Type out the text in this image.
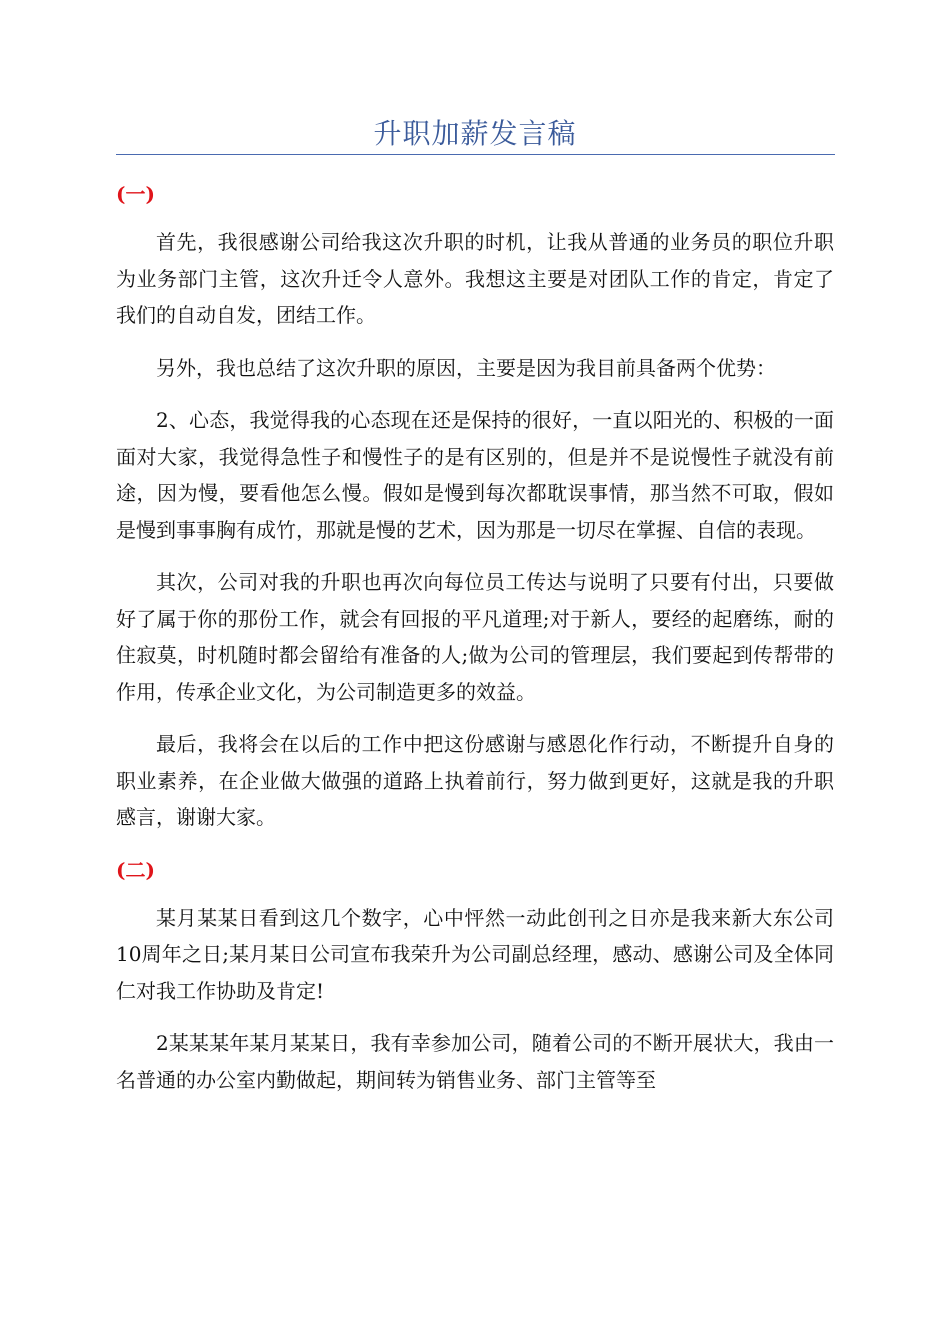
升职加薪发言稿

(一)

首先，我很感谢公司给我这次升职的时机，让我从普通的业务员的职位升职为业务部门主管，这次升迁令人意外。我想这主要是对团队工作的肯定，肯定了我们的自动自发，团结工作。

另外，我也总结了这次升职的原因，主要是因为我目前具备两个优势：

2、心态，我觉得我的心态现在还是保持的很好，一直以阳光的、积极的一面面对大家，我觉得急性子和慢性子的是有区别的，但是并不是说慢性子就没有前途，因为慢，要看他怎么慢。假如是慢到每次都耽误事情，那当然不可取，假如是慢到事事胸有成竹，那就是慢的艺术，因为那是一切尽在掌握、自信的表现。

其次，公司对我的升职也再次向每位员工传达与说明了只要有付出，只要做好了属于你的那份工作，就会有回报的平凡道理;对于新人，要经的起磨练，耐的住寂莫，时机随时都会留给有准备的人;做为公司的管理层，我们要起到传帮带的作用，传承企业文化，为公司制造更多的效益。

最后，我将会在以后的工作中把这份感谢与感恩化作行动，不断提升自身的职业素养，在企业做大做强的道路上执着前行，努力做到更好，这就是我的升职感言，谢谢大家。

(二)

某月某某日看到这几个数字，心中怦然一动此创刊之日亦是我来新大东公司10周年之日;某月某日公司宣布我荣升为公司副总经理，感动、感谢公司及全体同仁对我工作协助及肯定!

2某某某年某月某某日，我有幸参加公司，随着公司的不断开展状大，我由一名普通的办公室内勤做起，期间转为销售业务、部门主管等至
